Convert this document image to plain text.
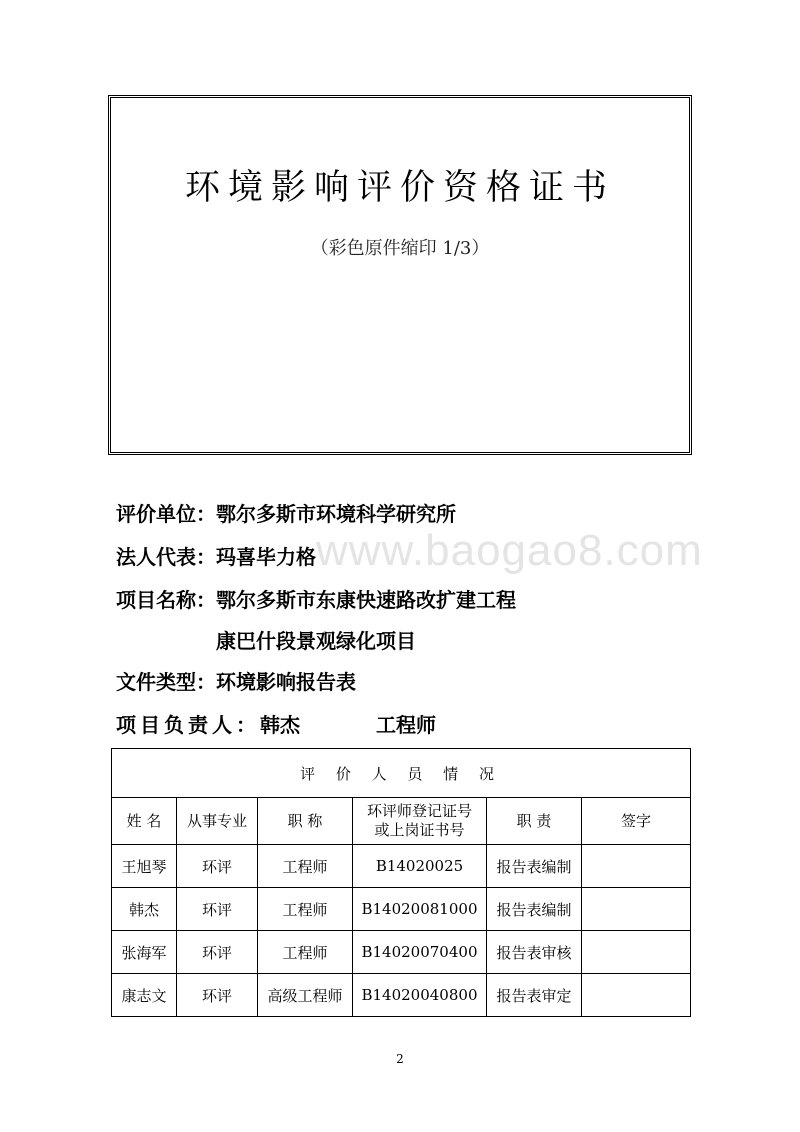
环境影响评价资格证书
（彩色原件缩印 1/3）
www.baogao8.com
评价单位：鄂尔多斯市环境科学研究所
法人代表：玛喜毕力格
项目名称：鄂尔多斯市东康快速路改扩建工程
康巴什段景观绿化项目
文件类型：环境影响报告表
项目负责人：韩杰	工程师
评 价 人 员 情 况					
姓 名	从事专业	职 称	环评师登记证号
或上岗证书号	职 责	签字
王旭琴	环评	工程师	B14020025	报告表编制	
韩杰	环评	工程师	B14020081000	报告表编制	
张海军	环评	工程师	B14020070400	报告表审核	
康志文	环评	高级工程师	B14020040800	报告表审定	
2
